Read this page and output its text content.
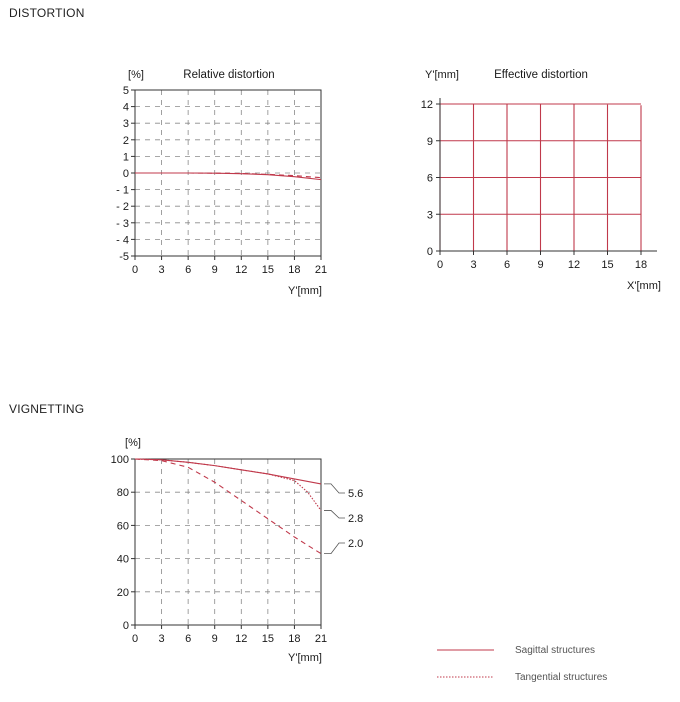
DISTORTION
VIGNETTING
0 3 6 9 12 15 18 21
5
4
3
2
1
0
- 1
- 2
- 3
- 4
-5
[%]
Y'[mm]
Relative distortion
0 3 6 9 12 15 18
12
9
6
3
0
Y'[mm]
X'[mm]
Effective distortion
0 3 6 9 12 15 18 21
100
80
60
40
20
0
[%]
Y'[mm]
5.6
2.8
2.0
Sagittal structures
Tangential structures
